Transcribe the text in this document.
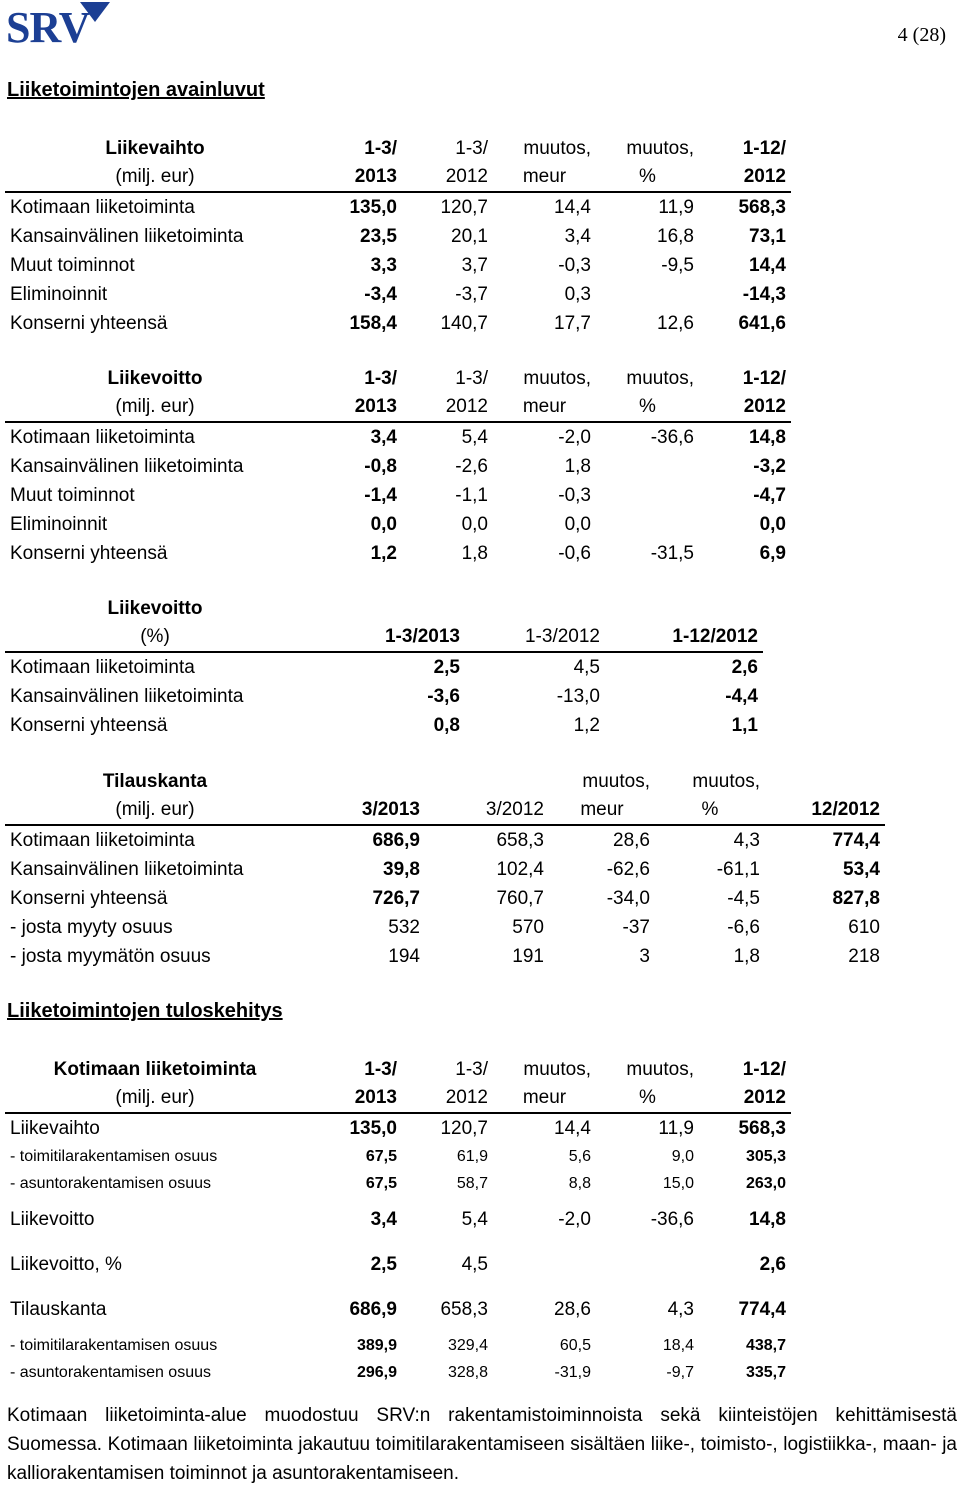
SRV	4 (28)
Liiketoimintojen avainluvut
Liikevaihto	1-3/	1-3/	muutos,	muutos,	1-12/
(milj. eur)	2013	2012	meur	%	2012
Kotimaan liiketoiminta	135,0	120,7	14,4	11,9	568,3
Kansainvälinen liiketoiminta	23,5	20,1	3,4	16,8	73,1
Muut toiminnot	3,3	3,7	-0,3	-9,5	14,4
Eliminoinnit	-3,4	-3,7	0,3		-14,3
Konserni yhteensä	158,4	140,7	17,7	12,6	641,6
Liikevoitto	1-3/	1-3/	muutos,	muutos,	1-12/
(milj. eur)	2013	2012	meur	%	2012
Kotimaan liiketoiminta	3,4	5,4	-2,0	-36,6	14,8
Kansainvälinen liiketoiminta	-0,8	-2,6	1,8		-3,2
Muut toiminnot	-1,4	-1,1	-0,3		-4,7
Eliminoinnit	0,0	0,0	0,0		0,0
Konserni yhteensä	1,2	1,8	-0,6	-31,5	6,9
Liikevoitto			
(%)	1-3/2013	1-3/2012	1-12/2012
Kotimaan liiketoiminta	2,5	4,5	2,6
Kansainvälinen liiketoiminta	-3,6	-13,0	-4,4
Konserni yhteensä	0,8	1,2	1,1
Tilauskanta			muutos,	muutos,	
(milj. eur)	3/2013	3/2012	meur	%	12/2012
Kotimaan liiketoiminta	686,9	658,3	28,6	4,3	774,4
Kansainvälinen liiketoiminta	39,8	102,4	-62,6	-61,1	53,4
Konserni yhteensä	726,7	760,7	-34,0	-4,5	827,8
- josta myyty osuus	532	570	-37	-6,6	610
- josta myymätön osuus	194	191	3	1,8	218
Liiketoimintojen tuloskehitys
Kotimaan liiketoiminta	1-3/	1-3/	muutos,	muutos,	1-12/
(milj. eur)	2013	2012	meur	%	2012
Liikevaihto	135,0	120,7	14,4	11,9	568,3
- toimitilarakentamisen osuus	67,5	61,9	5,6	9,0	305,3
- asuntorakentamisen osuus	67,5	58,7	8,8	15,0	263,0
Liikevoitto	3,4	5,4	-2,0	-36,6	14,8
Liikevoitto, %	2,5	4,5			2,6
Tilauskanta	686,9	658,3	28,6	4,3	774,4
- toimitilarakentamisen osuus	389,9	329,4	60,5	18,4	438,7
- asuntorakentamisen osuus	296,9	328,8	-31,9	-9,7	335,7
Kotimaan liiketoiminta-alue muodostuu SRV:n rakentamistoiminnoista sekä kiinteistöjen kehittämisestä Suomessa. Kotimaan liiketoiminta jakautuu toimitilarakentamiseen sisältäen liike-, toimisto-, logistiikka-, maan- ja kalliorakentamisen toiminnot ja asuntorakentamiseen.
